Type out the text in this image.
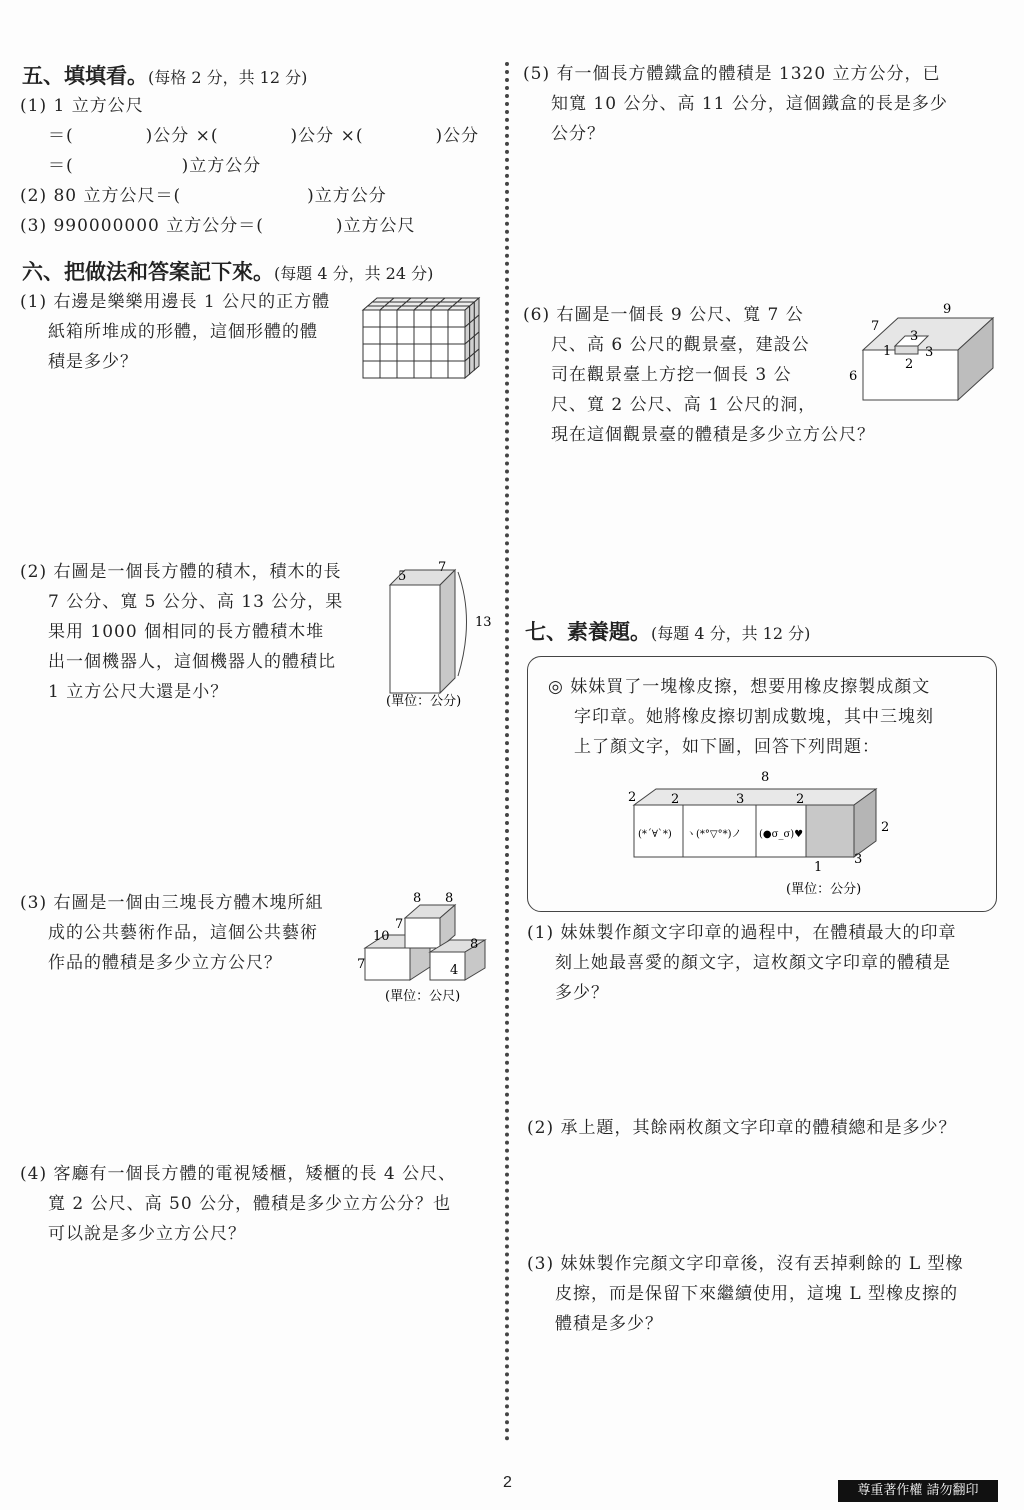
五、填填看。(每格 2 分，共 12 分)
(1) 1 立方公尺
＝(　　　　)公分 ×(　　　　)公分 ×(　　　　)公分
＝(　　　　　　)立方公分
(2) 80 立方公尺＝(　　　　　　　)立方公分
(3) 990000000 立方公分＝(　　　　)立方公尺
六、把做法和答案記下來。(每題 4 分，共 24 分)
(1) 右邊是樂樂用邊長 1 公尺的正方體
紙箱所堆成的形體，這個形體的體
積是多少？
(2) 右圖是一個長方體的積木，積木的長
7 公分、寬 5 公分、高 13 公分，果
果用 1000 個相同的長方體積木堆
出一個機器人，這個機器人的體積比
1 立方公尺大還是小？
5
7
13
(單位：公分)
(3) 右圖是一個由三塊長方體木塊所組
成的公共藝術作品，這個公共藝術
作品的體積是多少立方公尺？
8 8
7
10
8
7	4
(單位：公尺)
(4) 客廳有一個長方體的電視矮櫃，矮櫃的長 4 公尺、
寬 2 公尺、高 50 公分，體積是多少立方公分？也
可以說是多少立方公尺？
(5) 有一個長方體鐵盒的體積是 1320 立方公分，已
知寬 10 公分、高 11 公分，這個鐵盒的長是多少
公分？
(6) 右圖是一個長 9 公尺、寬 7 公
尺、高 6 公尺的觀景臺，建設公
司在觀景臺上方挖一個長 3 公
尺、寬 2 公尺、高 1 公尺的洞，
現在這個觀景臺的體積是多少立方公尺？
9
7
6
3
1
2
3
七、素養題。(每題 4 分，共 12 分)
◎ 妹妹買了一塊橡皮擦，想要用橡皮擦製成顏文
字印章。她將橡皮擦切割成數塊，其中三塊刻
上了顏文字，如下圖，回答下列問題：
8
2	2	3	2
2
1
3
(*´∀`*) ヽ(*°▽°*)ノ (●σ_σ)♥
(單位：公分)
(1) 妹妹製作顏文字印章的過程中，在體積最大的印章
刻上她最喜愛的顏文字，這枚顏文字印章的體積是
多少？
(2) 承上題，其餘兩枚顏文字印章的體積總和是多少？
(3) 妹妹製作完顏文字印章後，沒有丟掉剩餘的 L 型橡
皮擦，而是保留下來繼續使用，這塊 L 型橡皮擦的
體積是多少？
2	尊重著作權 請勿翻印
